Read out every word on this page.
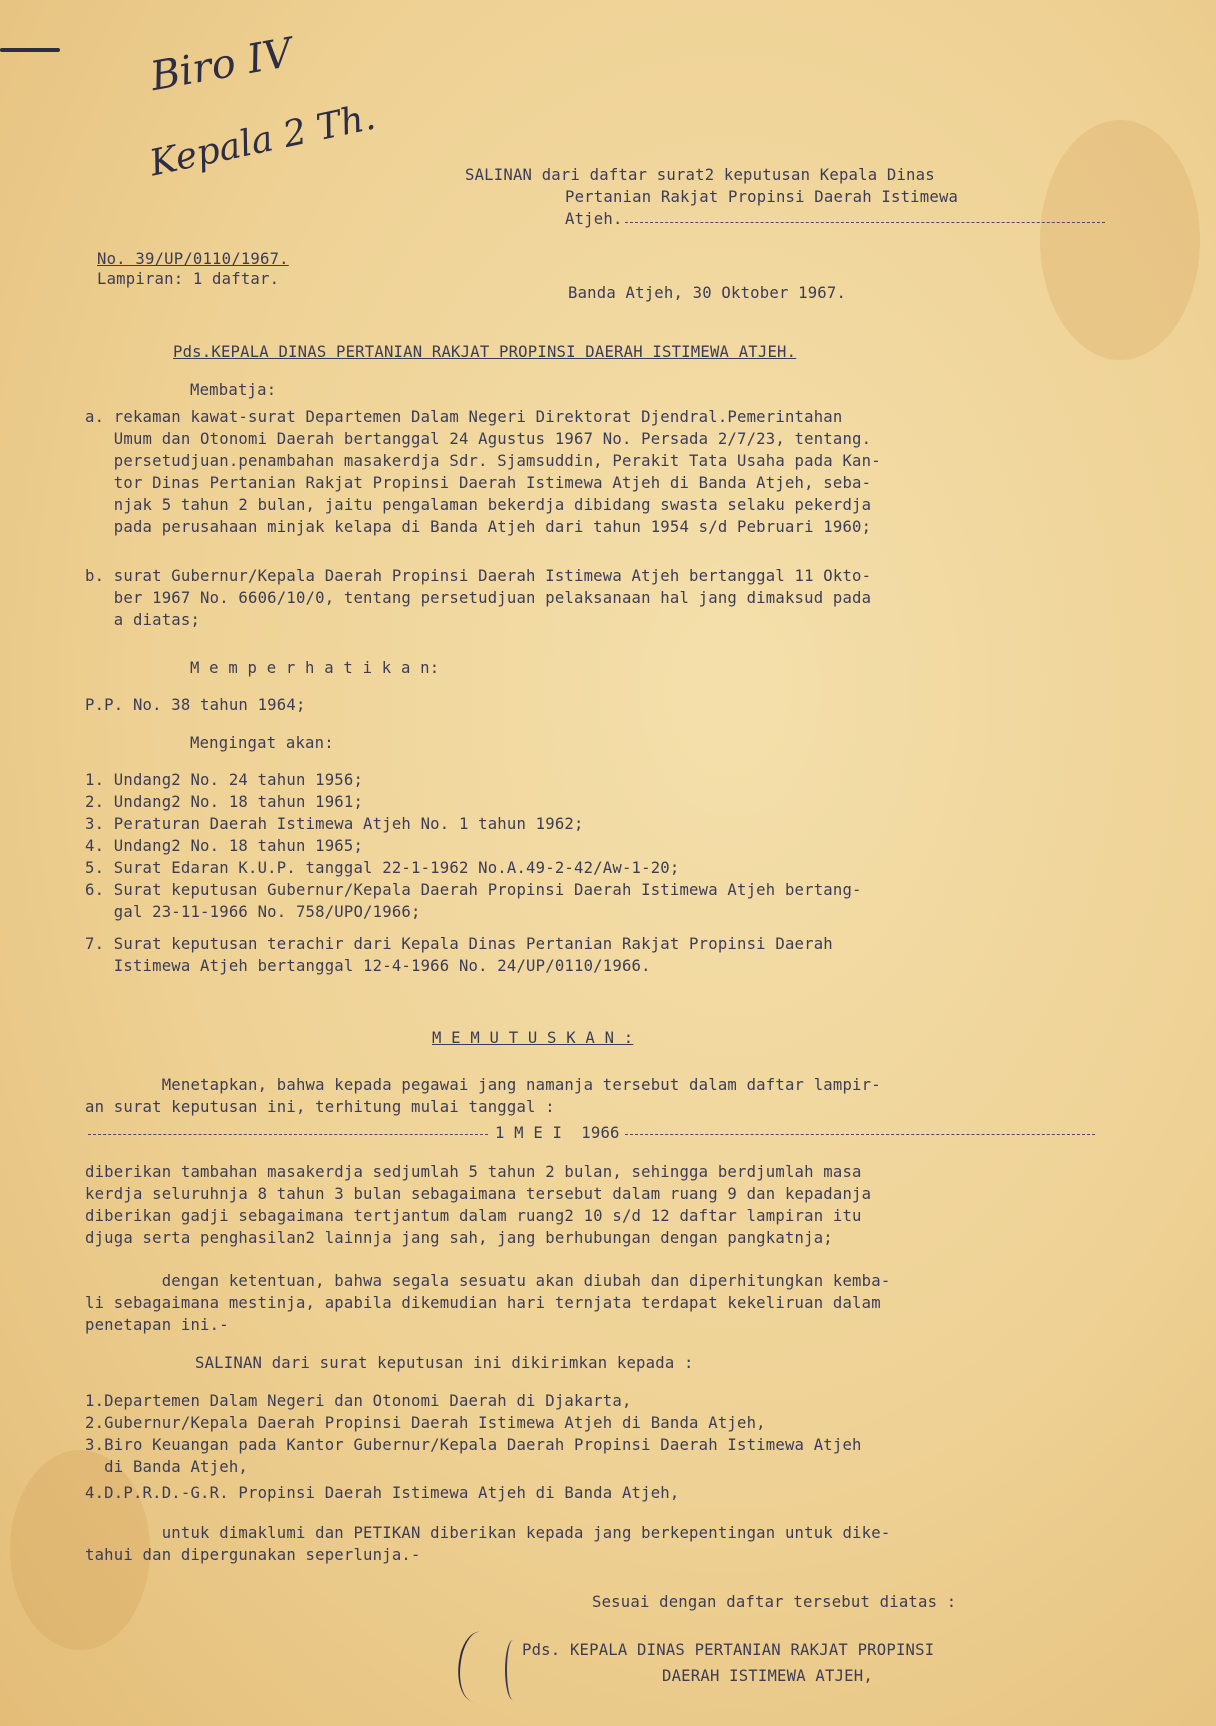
Biro IV
Kepala 2 Th.	SALINAN dari daftar surat2 keputusan Kepala Dinas
Pertanian Rakjat Propinsi Daerah Istimewa
Atjeh.
No. 39/UP/0110/1967.
Lampiran: 1 daftar.
Banda Atjeh, 30 Oktober 1967.
Pds.KEPALA DINAS PERTANIAN RAKJAT PROPINSI DAERAH ISTIMEWA ATJEH.
Membatja:
a. rekaman kawat-surat Departemen Dalam Negeri Direktorat Djendral.Pemerintahan
Umum dan Otonomi Daerah bertanggal 24 Agustus 1967 No. Persada 2/7/23, tentang.
persetudjuan.penambahan masakerdja Sdr. Sjamsuddin, Perakit Tata Usaha pada Kan-
tor Dinas Pertanian Rakjat Propinsi Daerah Istimewa Atjeh di Banda Atjeh, seba-
njak 5 tahun 2 bulan, jaitu pengalaman bekerdja dibidang swasta selaku pekerdja
pada perusahaan minjak kelapa di Banda Atjeh dari tahun 1954 s/d Pebruari 1960;
b. surat Gubernur/Kepala Daerah Propinsi Daerah Istimewa Atjeh bertanggal 11 Okto-
ber 1967 No. 6606/10/0, tentang persetudjuan pelaksanaan hal jang dimaksud pada
a diatas;
M e m p e r h a t i k a n:
P.P. No. 38 tahun 1964;
Mengingat akan:
1. Undang2 No. 24 tahun 1956;
2. Undang2 No. 18 tahun 1961;
3. Peraturan Daerah Istimewa Atjeh No. 1 tahun 1962;
4. Undang2 No. 18 tahun 1965;
5. Surat Edaran K.U.P. tanggal 22-1-1962 No.A.49-2-42/Aw-1-20;
6. Surat keputusan Gubernur/Kepala Daerah Propinsi Daerah Istimewa Atjeh bertang-
gal 23-11-1966 No. 758/UPO/1966;
7. Surat keputusan terachir dari Kepala Dinas Pertanian Rakjat Propinsi Daerah
Istimewa Atjeh bertanggal 12-4-1966 No. 24/UP/0110/1966.
M E M U T U S K A N :
Menetapkan, bahwa kepada pegawai jang namanja tersebut dalam daftar lampir-
an surat keputusan ini, terhitung mulai tanggal :
1 M E I  1966
diberikan tambahan masakerdja sedjumlah 5 tahun 2 bulan, sehingga berdjumlah masa
kerdja seluruhnja 8 tahun 3 bulan sebagaimana tersebut dalam ruang 9 dan kepadanja
diberikan gadji sebagaimana tertjantum dalam ruang2 10 s/d 12 daftar lampiran itu
djuga serta penghasilan2 lainnja jang sah, jang berhubungan dengan pangkatnja;
dengan ketentuan, bahwa segala sesuatu akan diubah dan diperhitungkan kemba-
li sebagaimana mestinja, apabila dikemudian hari ternjata terdapat kekeliruan dalam
penetapan ini.-
SALINAN dari surat keputusan ini dikirimkan kepada :
1.Departemen Dalam Negeri dan Otonomi Daerah di Djakarta,
2.Gubernur/Kepala Daerah Propinsi Daerah Istimewa Atjeh di Banda Atjeh,
3.Biro Keuangan pada Kantor Gubernur/Kepala Daerah Propinsi Daerah Istimewa Atjeh
di Banda Atjeh,
4.D.P.R.D.-G.R. Propinsi Daerah Istimewa Atjeh di Banda Atjeh,
untuk dimaklumi dan PETIKAN diberikan kepada jang berkepentingan untuk dike-
tahui dan dipergunakan seperlunja.-
Sesuai dengan daftar tersebut diatas :
Pds. KEPALA DINAS PERTANIAN RAKJAT PROPINSI
DAERAH ISTIMEWA ATJEH,
